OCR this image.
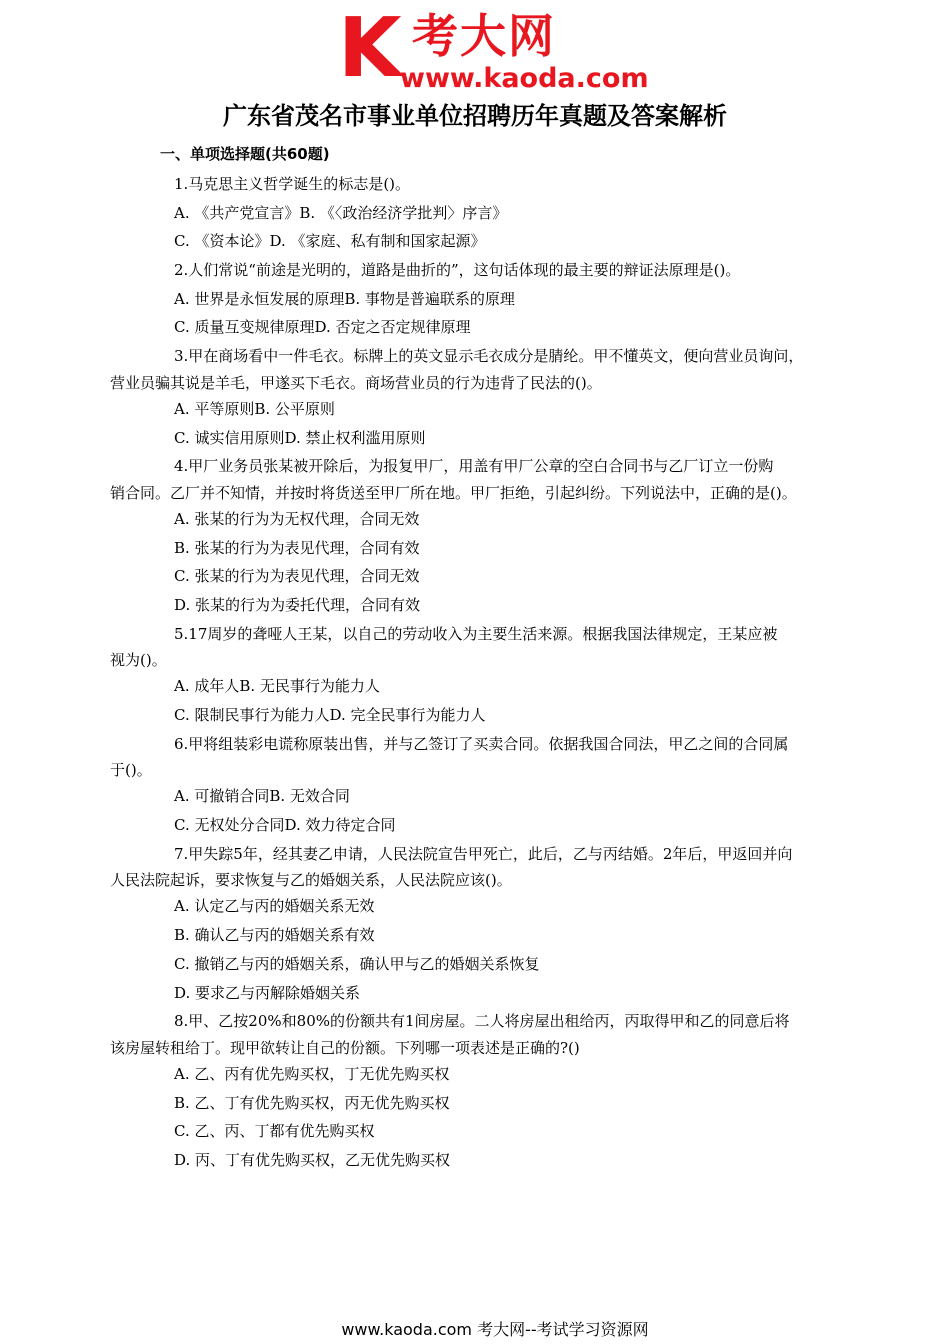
K 考大网
www.kaoda.com
广东省茂名市事业单位招聘历年真题及答案解析
一、单项选择题(共60题)
1.马克思主义哲学诞生的标志是()。
A. 《共产党宣言》B. 《〈政治经济学批判〉序言》
C. 《资本论》D. 《家庭、私有制和国家起源》
2.人们常说“前途是光明的，道路是曲折的”，这句话体现的最主要的辩证法原理是()。
A. 世界是永恒发展的原理B. 事物是普遍联系的原理
C. 质量互变规律原理D. 否定之否定规律原理
3.甲在商场看中一件毛衣。标牌上的英文显示毛衣成分是腈纶。甲不懂英文，便向营业员询问，
营业员骗其说是羊毛，甲遂买下毛衣。商场营业员的行为违背了民法的()。
A. 平等原则B. 公平原则
C. 诚实信用原则D. 禁止权利滥用原则
4.甲厂业务员张某被开除后，为报复甲厂，用盖有甲厂公章的空白合同书与乙厂订立一份购
销合同。乙厂并不知情，并按时将货送至甲厂所在地。甲厂拒绝，引起纠纷。下列说法中，正确的是()。
A. 张某的行为为无权代理，合同无效
B. 张某的行为为表见代理，合同有效
C. 张某的行为为表见代理，合同无效
D. 张某的行为为委托代理，合同有效
5.17周岁的聋哑人王某，以自己的劳动收入为主要生活来源。根据我国法律规定，王某应被
视为()。
A. 成年人B. 无民事行为能力人
C. 限制民事行为能力人D. 完全民事行为能力人
6.甲将组装彩电谎称原装出售，并与乙签订了买卖合同。依据我国合同法，甲乙之间的合同属
于()。
A. 可撤销合同B. 无效合同
C. 无权处分合同D. 效力待定合同
7.甲失踪5年，经其妻乙申请，人民法院宣告甲死亡，此后，乙与丙结婚。2年后，甲返回并向
人民法院起诉，要求恢复与乙的婚姻关系，人民法院应该()。
A. 认定乙与丙的婚姻关系无效
B. 确认乙与丙的婚姻关系有效
C. 撤销乙与丙的婚姻关系，确认甲与乙的婚姻关系恢复
D. 要求乙与丙解除婚姻关系
8.甲、乙按20%和80%的份额共有1间房屋。二人将房屋出租给丙，丙取得甲和乙的同意后将
该房屋转租给丁。现甲欲转让自己的份额。下列哪一项表述是正确的?()
A. 乙、丙有优先购买权，丁无优先购买权
B. 乙、丁有优先购买权，丙无优先购买权
C. 乙、丙、丁都有优先购买权
D. 丙、丁有优先购买权，乙无优先购买权
www.kaoda.com 考大网--考试学习资源网
